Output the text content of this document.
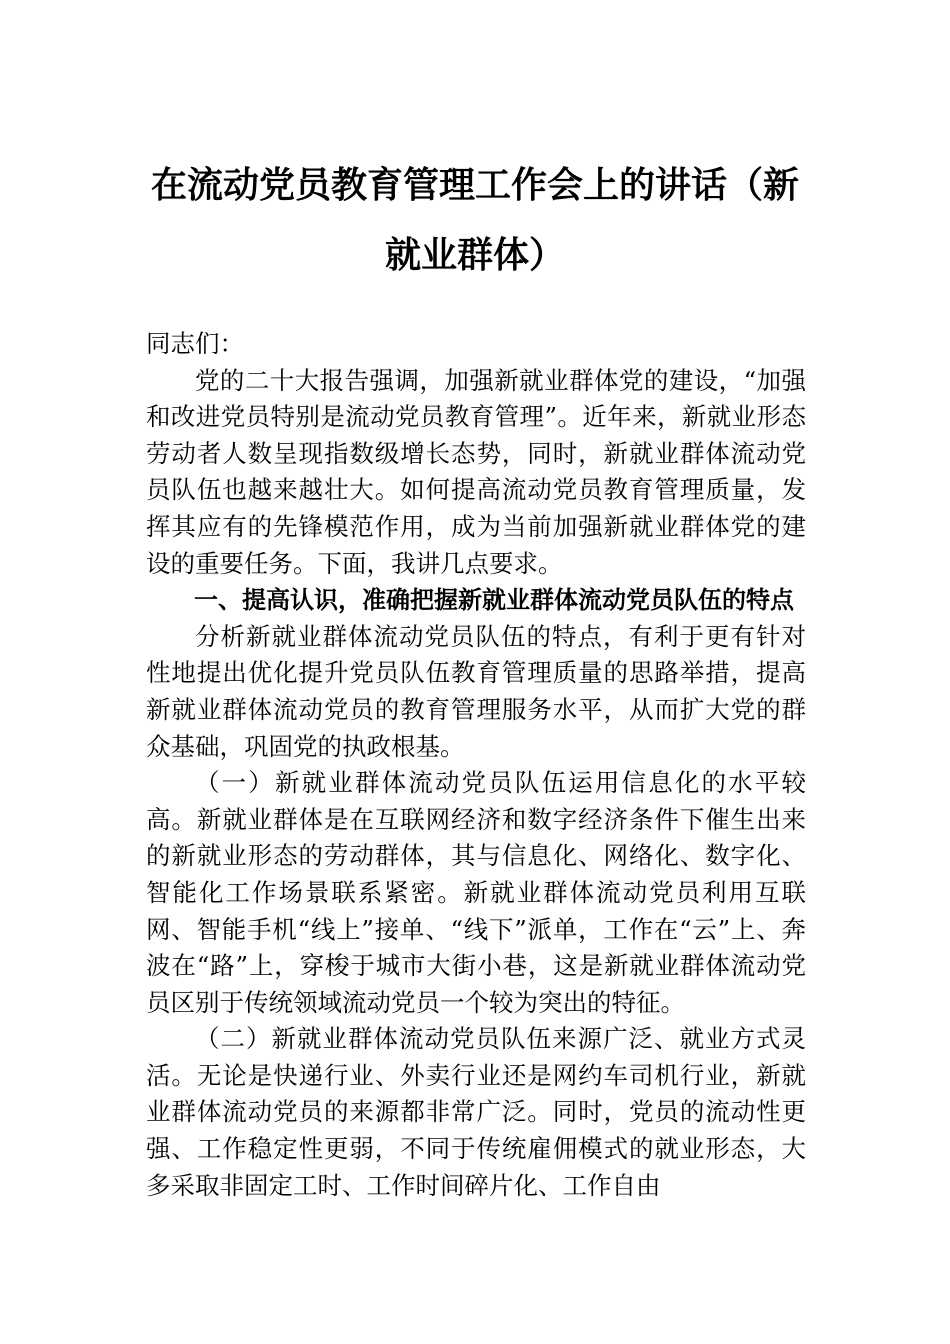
在流动党员教育管理工作会上的讲话（新就业群体）

同志们：

党的二十大报告强调，加强新就业群体党的建设，“加强和改进党员特别是流动党员教育管理”。近年来，新就业形态劳动者人数呈现指数级增长态势，同时，新就业群体流动党员队伍也越来越壮大。如何提高流动党员教育管理质量，发挥其应有的先锋模范作用，成为当前加强新就业群体党的建设的重要任务。下面，我讲几点要求。

一、提高认识，准确把握新就业群体流动党员队伍的特点

分析新就业群体流动党员队伍的特点，有利于更有针对性地提出优化提升党员队伍教育管理质量的思路举措，提高新就业群体流动党员的教育管理服务水平，从而扩大党的群众基础，巩固党的执政根基。

（一）新就业群体流动党员队伍运用信息化的水平较高。新就业群体是在互联网经济和数字经济条件下催生出来的新就业形态的劳动群体，其与信息化、网络化、数字化、智能化工作场景联系紧密。新就业群体流动党员利用互联网、智能手机“线上”接单、“线下”派单，工作在“云”上、奔波在“路”上，穿梭于城市大街小巷，这是新就业群体流动党员区别于传统领域流动党员一个较为突出的特征。

（二）新就业群体流动党员队伍来源广泛、就业方式灵活。无论是快递行业、外卖行业还是网约车司机行业，新就业群体流动党员的来源都非常广泛。同时，党员的流动性更强、工作稳定性更弱，不同于传统雇佣模式的就业形态，大多采取非固定工时、工作时间碎片化、工作自由
